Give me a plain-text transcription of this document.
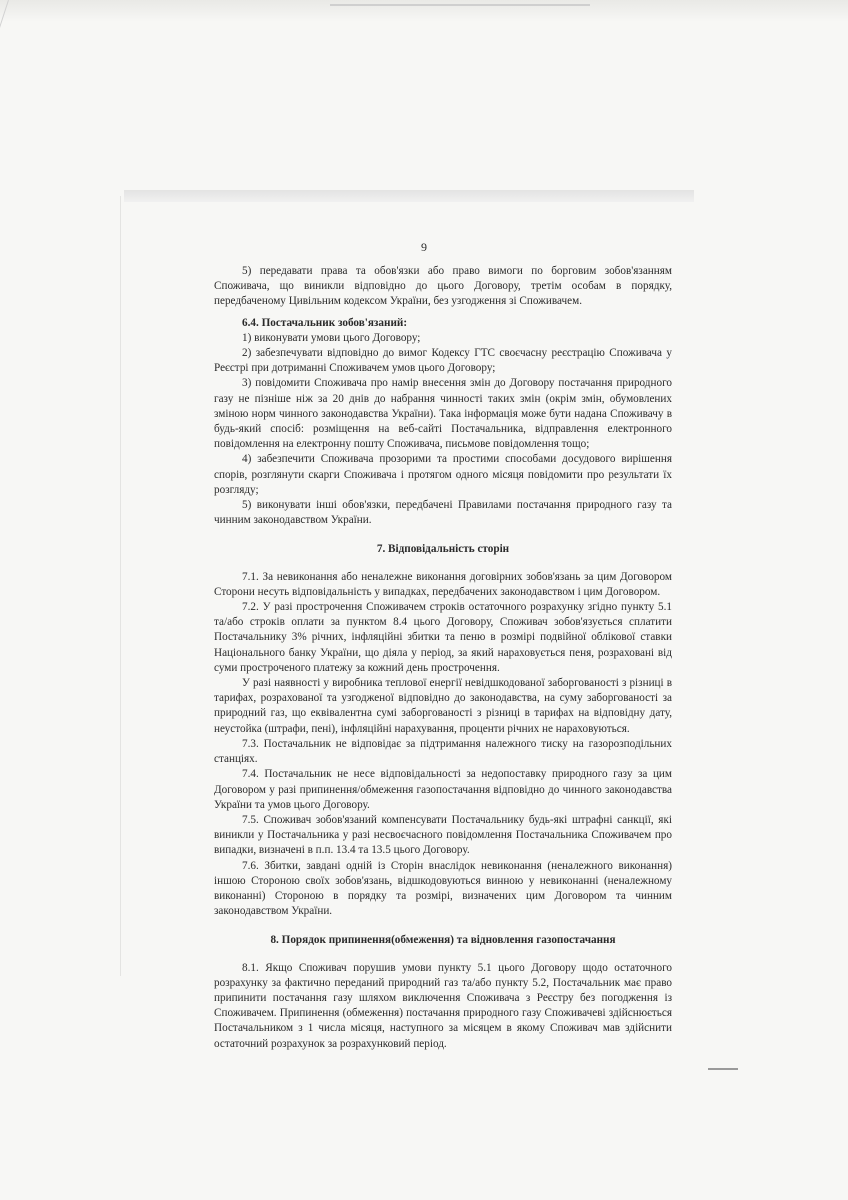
9

5) передавати права та обов'язки або право вимоги по борговим зобов'язанням Споживача, що виникли відповідно до цього Договору, третім особам в порядку, передбаченому Цивільним кодексом України, без узгодження зі Споживачем.

6.4. Постачальник зобов'язаний:

1) виконувати умови цього Договору;

2) забезпечувати відповідно до вимог Кодексу ГТС своєчасну реєстрацію Споживача у Реєстрі при дотриманні Споживачем умов цього Договору;

3) повідомити Споживача про намір внесення змін до Договору постачання природного газу не пізніше ніж за 20 днів до набрання чинності таких змін (окрім змін, обумовлених зміною норм чинного законодавства України). Така інформація може бути надана Споживачу в будь-який спосіб: розміщення на веб-сайті Постачальника, відправлення електронного повідомлення на електронну пошту Споживача, письмове повідомлення тощо;

4) забезпечити Споживача прозорими та простими способами досудового вирішення спорів, розглянути скарги Споживача і протягом одного місяця повідомити про результати їх розгляду;

5) виконувати інші обов'язки, передбачені Правилами постачання природного газу та чинним законодавством України.

7. Відповідальність сторін

7.1. За невиконання або неналежне виконання договірних зобов'язань за цим Договором Сторони несуть відповідальність у випадках, передбачених законодавством і цим Договором.

7.2. У разі прострочення Споживачем строків остаточного розрахунку згідно пункту 5.1 та/або строків оплати за пунктом 8.4 цього Договору, Споживач зобов'язується сплатити Постачальнику 3% річних, інфляційні збитки та пеню в розмірі подвійної облікової ставки Національного банку України, що діяла у період, за який нараховується пеня, розраховані від суми простроченого платежу за кожний день прострочення.

У разі наявності у виробника теплової енергії невідшкодованої заборгованості з різниці в тарифах, розрахованої та узгодженої відповідно до законодавства, на суму заборгованості за природний газ, що еквівалентна сумі заборгованості з різниці в тарифах на відповідну дату, неустойка (штрафи, пені), інфляційні нарахування, проценти річних не нараховуються.

7.3. Постачальник не відповідає за підтримання належного тиску на газорозподільних станціях.

7.4. Постачальник не несе відповідальності за недопоставку природного газу за цим Договором у разі припинення/обмеження газопостачання відповідно до чинного законодавства України та умов цього Договору.

7.5. Споживач зобов'язаний компенсувати Постачальнику будь-які штрафні санкції, які виникли у Постачальника у разі несвоєчасного повідомлення Постачальника Споживачем про випадки, визначені в п.п. 13.4 та 13.5 цього Договору.

7.6. Збитки, завдані одній із Сторін внаслідок невиконання (неналежного виконання) іншою Стороною своїх зобов'язань, відшкодовуються винною у невиконанні (неналежному виконанні) Стороною в порядку та розмірі, визначених цим Договором та чинним законодавством України.

8. Порядок припинення(обмеження) та відновлення газопостачання

8.1. Якщо Споживач порушив умови пункту 5.1 цього Договору щодо остаточного розрахунку за фактично переданий природний газ та/або пункту 5.2, Постачальник має право припинити постачання газу шляхом виключення Споживача з Реєстру без погодження із Споживачем. Припинення (обмеження) постачання природного газу Споживачеві здійснюється Постачальником з 1 числа місяця, наступного за місяцем в якому Споживач мав здійснити остаточний розрахунок за розрахунковий період.
